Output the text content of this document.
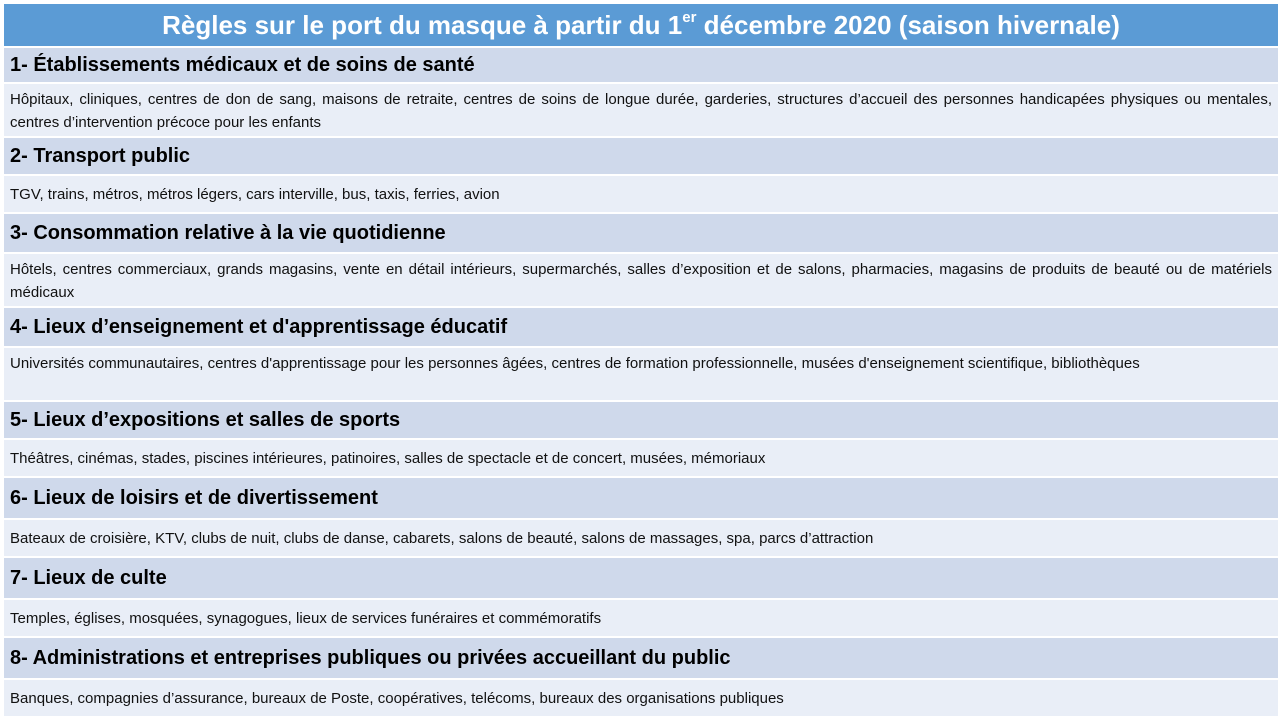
Règles sur le port du masque à partir du 1er décembre 2020 (saison hivernale)
1- Établissements médicaux et de soins de santé
Hôpitaux, cliniques, centres de don de sang, maisons de retraite, centres de soins de longue durée, garderies, structures d’accueil des personnes handicapées physiques ou mentales, centres d’intervention précoce pour les enfants
2- Transport public
TGV, trains, métros, métros légers, cars interville, bus, taxis, ferries, avion
3- Consommation relative à la vie quotidienne
Hôtels, centres commerciaux, grands magasins, vente en détail intérieurs, supermarchés, salles d’exposition et de salons, pharmacies, magasins de produits de beauté ou de matériels médicaux
4- Lieux d’enseignement et d'apprentissage éducatif
Universités communautaires, centres d'apprentissage pour les personnes âgées, centres de formation professionnelle, musées d'enseignement scientifique, bibliothèques
5- Lieux d’expositions et salles de sports
Théâtres, cinémas, stades, piscines intérieures, patinoires, salles de spectacle et de concert, musées, mémoriaux
6- Lieux de loisirs et de divertissement
Bateaux de croisière, KTV, clubs de nuit, clubs de danse, cabarets, salons de beauté, salons de massages, spa, parcs d’attraction
7- Lieux de culte
Temples, églises, mosquées, synagogues, lieux de services funéraires et commémoratifs
8- Administrations et entreprises publiques ou privées accueillant du public
Banques, compagnies d’assurance, bureaux de Poste, coopératives, telécoms, bureaux des organisations publiques
